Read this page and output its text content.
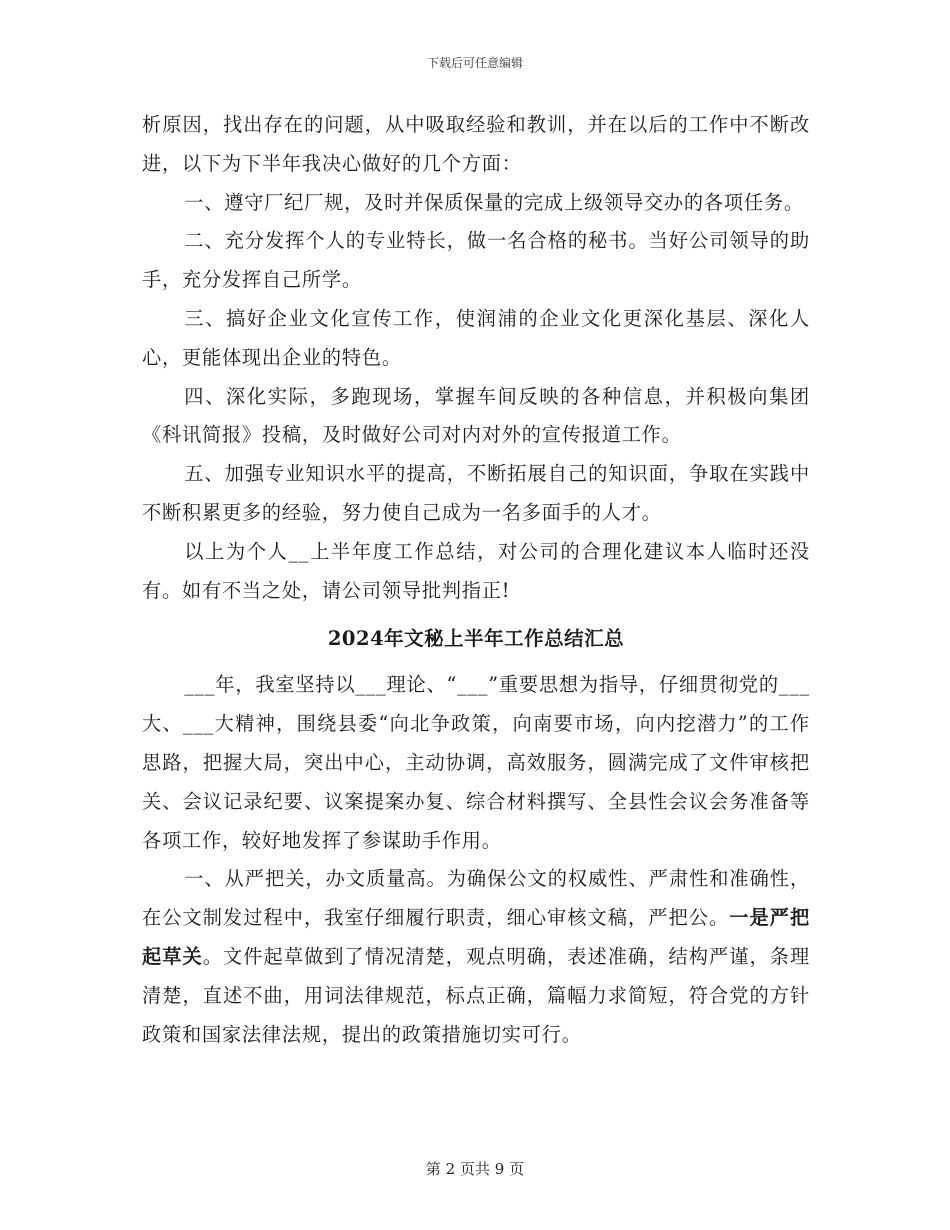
下载后可任意编辑

析原因，找出存在的问题，从中吸取经验和教训，并在以后的工作中不断改进，以下为下半年我决心做好的几个方面：

一、遵守厂纪厂规，及时并保质保量的完成上级领导交办的各项任务。

二、充分发挥个人的专业特长，做一名合格的秘书。当好公司领导的助手，充分发挥自己所学。

三、搞好企业文化宣传工作，使润浦的企业文化更深化基层、深化人心，更能体现出企业的特色。

四、深化实际，多跑现场，掌握车间反映的各种信息，并积极向集团《科讯简报》投稿，及时做好公司对内对外的宣传报道工作。

五、加强专业知识水平的提高，不断拓展自己的知识面，争取在实践中不断积累更多的经验，努力使自己成为一名多面手的人才。

以上为个人__上半年度工作总结，对公司的合理化建议本人临时还没有。如有不当之处，请公司领导批判指正!

2024年文秘上半年工作总结汇总

___年，我室坚持以___理论、“___”重要思想为指导，仔细贯彻党的___大、___大精神，围绕县委“向北争政策，向南要市场，向内挖潜力”的工作思路，把握大局，突出中心，主动协调，高效服务，圆满完成了文件审核把关、会议记录纪要、议案提案办复、综合材料撰写、全县性会议会务准备等各项工作，较好地发挥了参谋助手作用。

一、从严把关，办文质量高。为确保公文的权威性、严肃性和准确性，在公文制发过程中，我室仔细履行职责，细心审核文稿，严把公。一是严把起草关。文件起草做到了情况清楚，观点明确，表述准确，结构严谨，条理清楚，直述不曲，用词法律规范，标点正确，篇幅力求简短，符合党的方针政策和国家法律法规，提出的政策措施切实可行。

第 2 页共 9 页
